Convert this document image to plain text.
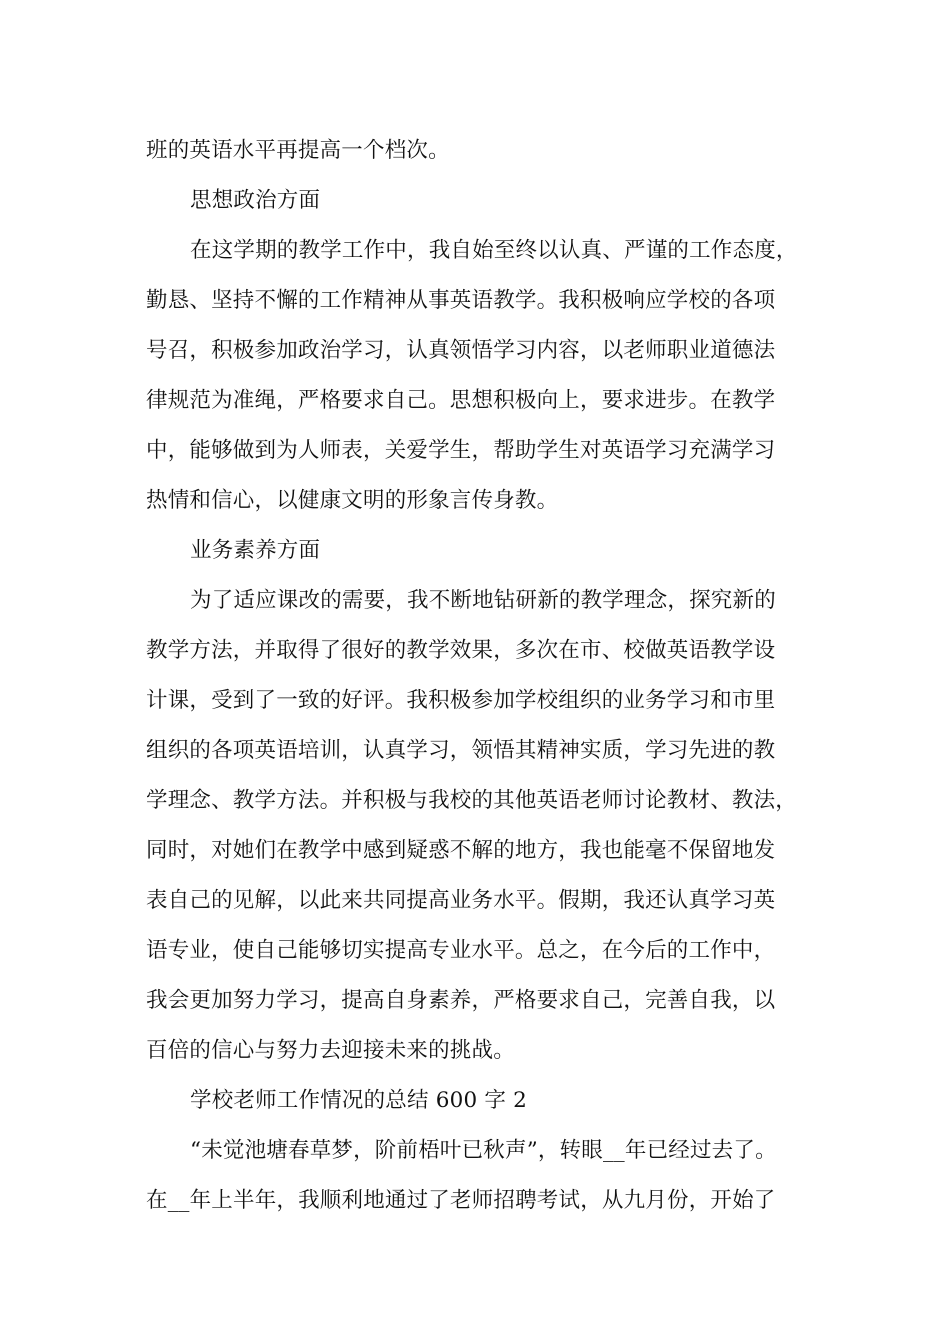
班的英语水平再提高一个档次。
思想政治方面
在这学期的教学工作中，我自始至终以认真、严谨的工作态度，
勤恳、坚持不懈的工作精神从事英语教学。我积极响应学校的各项
号召，积极参加政治学习，认真领悟学习内容，以老师职业道德法
律规范为准绳，严格要求自己。思想积极向上，要求进步。在教学
中，能够做到为人师表，关爱学生，帮助学生对英语学习充满学习
热情和信心，以健康文明的形象言传身教。
业务素养方面
为了适应课改的需要，我不断地钻研新的教学理念，探究新的
教学方法，并取得了很好的教学效果，多次在市、校做英语教学设
计课，受到了一致的好评。我积极参加学校组织的业务学习和市里
组织的各项英语培训，认真学习，领悟其精神实质，学习先进的教
学理念、教学方法。并积极与我校的其他英语老师讨论教材、教法，
同时，对她们在教学中感到疑惑不解的地方，我也能毫不保留地发
表自己的见解，以此来共同提高业务水平。假期，我还认真学习英
语专业，使自己能够切实提高专业水平。总之，在今后的工作中，
我会更加努力学习，提高自身素养，严格要求自己，完善自我，以
百倍的信心与努力去迎接未来的挑战。
学校老师工作情况的总结 600 字 2
“未觉池塘春草梦，阶前梧叶已秋声”，转眼__年已经过去了。
在__年上半年，我顺利地通过了老师招聘考试，从九月份，开始了
